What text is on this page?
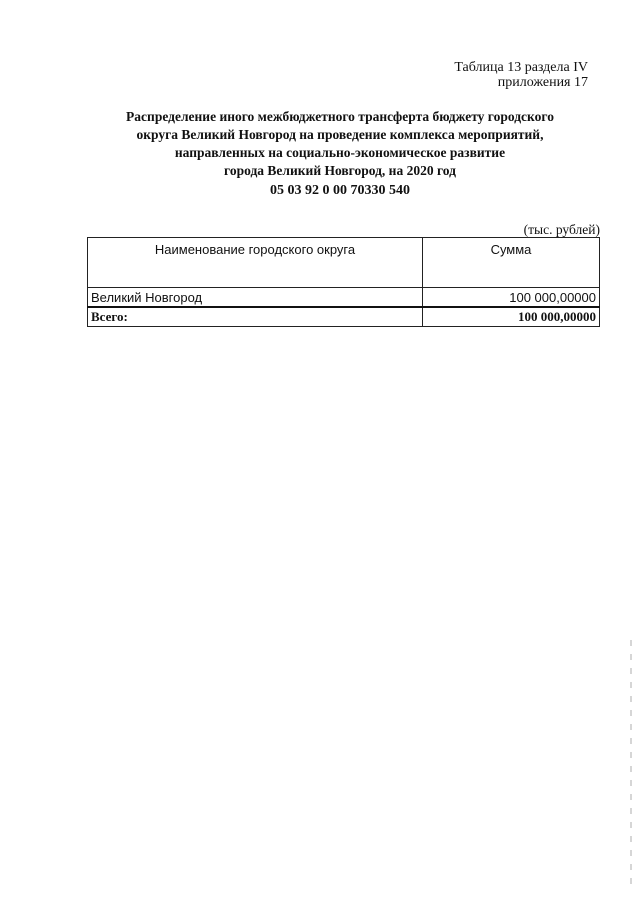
Таблица 13 раздела IV
приложения 17
Распределение иного межбюджетного трансферта бюджету городского
округа Великий Новгород на проведение комплекса мероприятий,
направленных на социально-экономическое развитие
города Великий Новгород, на 2020 год
05 03 92 0 00 70330 540
(тыс. рублей)
Наименование городского округа	Сумма
Великий Новгород	100 000,00000
Всего:	100 000,00000
